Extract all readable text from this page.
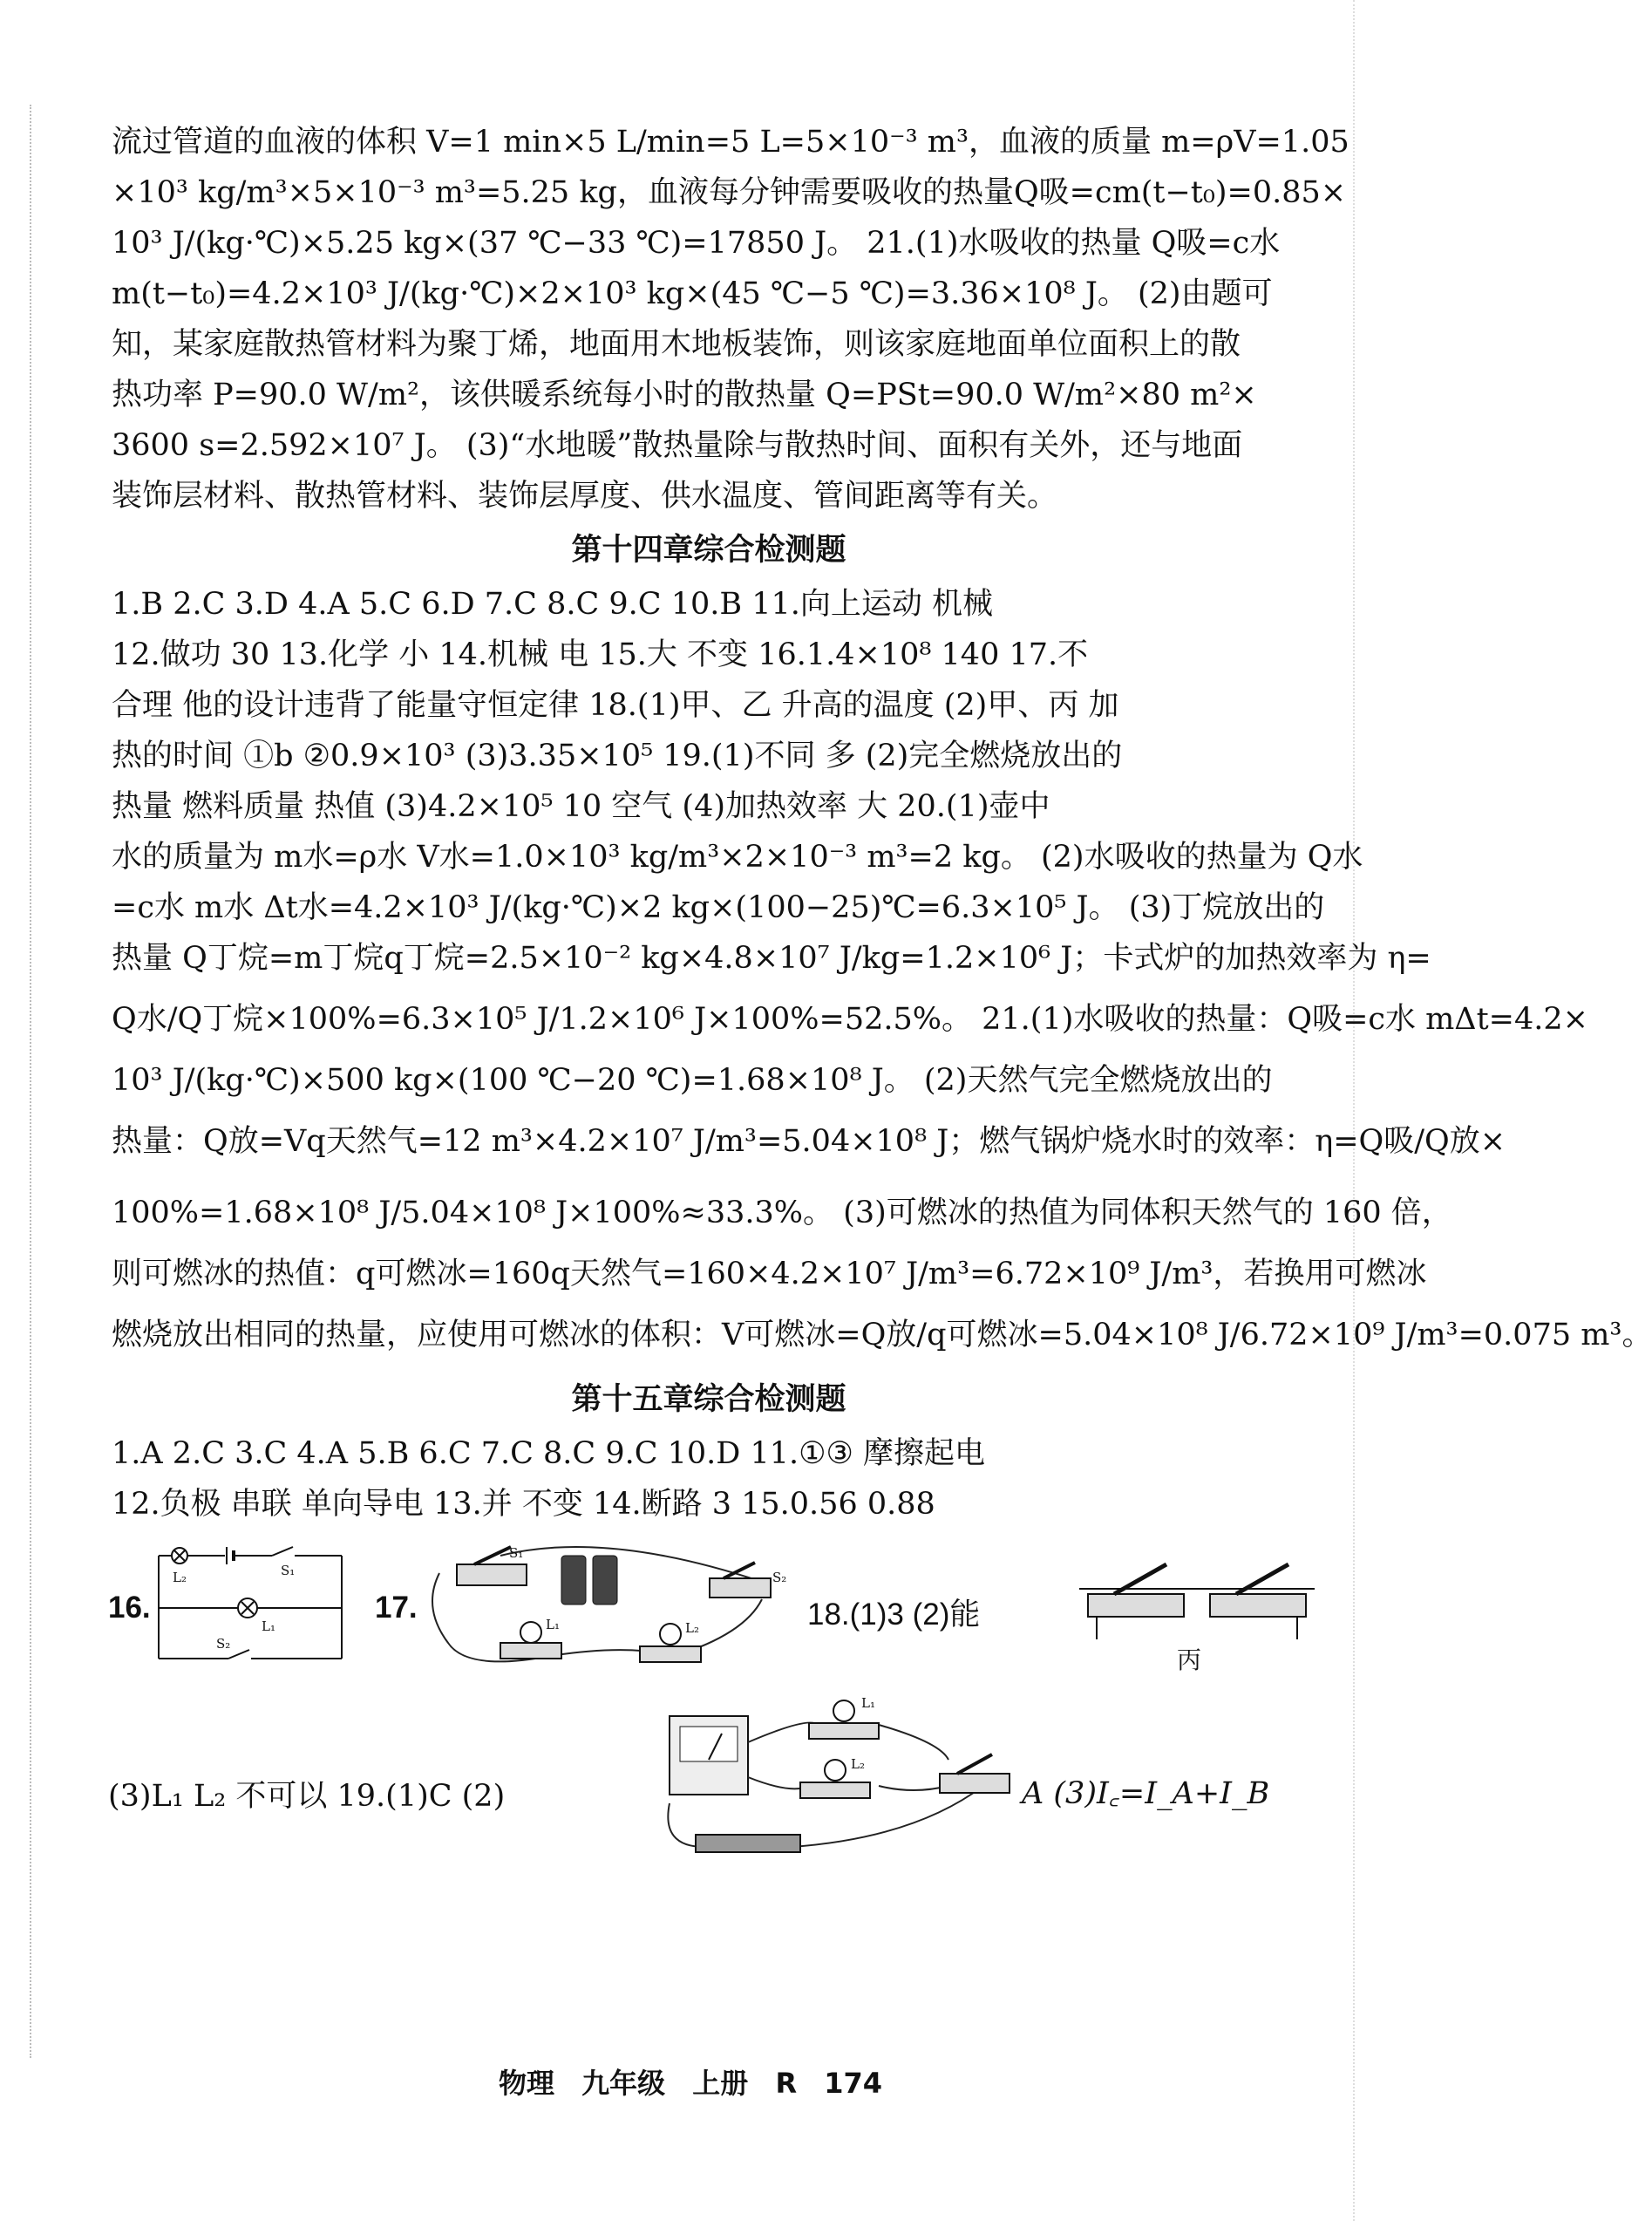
流过管道的血液的体积 V=1 min×5 L/min=5 L=5×10⁻³ m³，血液的质量 m=ρV=1.05

×10³ kg/m³×5×10⁻³ m³=5.25 kg，血液每分钟需要吸收的热量Q吸=cm(t−t₀)=0.85×

10³ J/(kg·℃)×5.25 kg×(37 ℃−33 ℃)=17850 J。 21.(1)水吸收的热量 Q吸=c水

m(t−t₀)=4.2×10³ J/(kg·℃)×2×10³ kg×(45 ℃−5 ℃)=3.36×10⁸ J。 (2)由题可

知，某家庭散热管材料为聚丁烯，地面用木地板装饰，则该家庭地面单位面积上的散

热功率 P=90.0 W/m²，该供暖系统每小时的散热量 Q=PSt=90.0 W/m²×80 m²×

3600 s=2.592×10⁷ J。 (3)“水地暖”散热量除与散热时间、面积有关外，还与地面

装饰层材料、散热管材料、装饰层厚度、供水温度、管间距离等有关。

第十四章综合检测题

1.B 2.C 3.D 4.A 5.C 6.D 7.C 8.C 9.C 10.B 11.向上运动 机械

12.做功 30 13.化学 小 14.机械 电 15.大 不变 16.1.4×10⁸ 140 17.不

合理 他的设计违背了能量守恒定律 18.(1)甲、乙 升高的温度 (2)甲、丙 加

热的时间 ①b ②0.9×10³ (3)3.35×10⁵ 19.(1)不同 多 (2)完全燃烧放出的

热量 燃料质量 热值 (3)4.2×10⁵ 10 空气 (4)加热效率 大 20.(1)壶中

水的质量为 m水=ρ水 V水=1.0×10³ kg/m³×2×10⁻³ m³=2 kg。 (2)水吸收的热量为 Q水

=c水 m水 Δt水=4.2×10³ J/(kg·℃)×2 kg×(100−25)℃=6.3×10⁵ J。 (3)丁烷放出的

热量 Q丁烷=m丁烷q丁烷=2.5×10⁻² kg×4.8×10⁷ J/kg=1.2×10⁶ J；卡式炉的加热效率为 η=

Q水/Q丁烷×100%=6.3×10⁵ J/1.2×10⁶ J×100%=52.5%。 21.(1)水吸收的热量：Q吸=c水 mΔt=4.2×

10³ J/(kg·℃)×500 kg×(100 ℃−20 ℃)=1.68×10⁸ J。 (2)天然气完全燃烧放出的

热量：Q放=Vq天然气=12 m³×4.2×10⁷ J/m³=5.04×10⁸ J；燃气锅炉烧水时的效率：η=Q吸/Q放×

100%=1.68×10⁸ J/5.04×10⁸ J×100%≈33.3%。 (3)可燃冰的热值为同体积天然气的 160 倍，

则可燃冰的热值：q可燃冰=160q天然气=160×4.2×10⁷ J/m³=6.72×10⁹ J/m³，若换用可燃冰

燃烧放出相同的热量，应使用可燃冰的体积：V可燃冰=Q放/q可燃冰=5.04×10⁸ J/6.72×10⁹ J/m³=0.075 m³。

第十五章综合检测题

1.A 2.C 3.C 4.A 5.B 6.C 7.C 8.C 9.C 10.D 11.①③ 摩擦起电

12.负极 串联 单向导电 13.并 不变 14.断路 3 15.0.56 0.88

16.
L₂	S₁
L₁
S₂
17.
S₁
S₂
L₁	L₂	18.(1)3 (2)能
丙
(3)L₁ L₂ 不可以 19.(1)C (2)
L₁
L₂
A (3)I꜀=I_A+I_B
物理 九年级 上册 R 174
